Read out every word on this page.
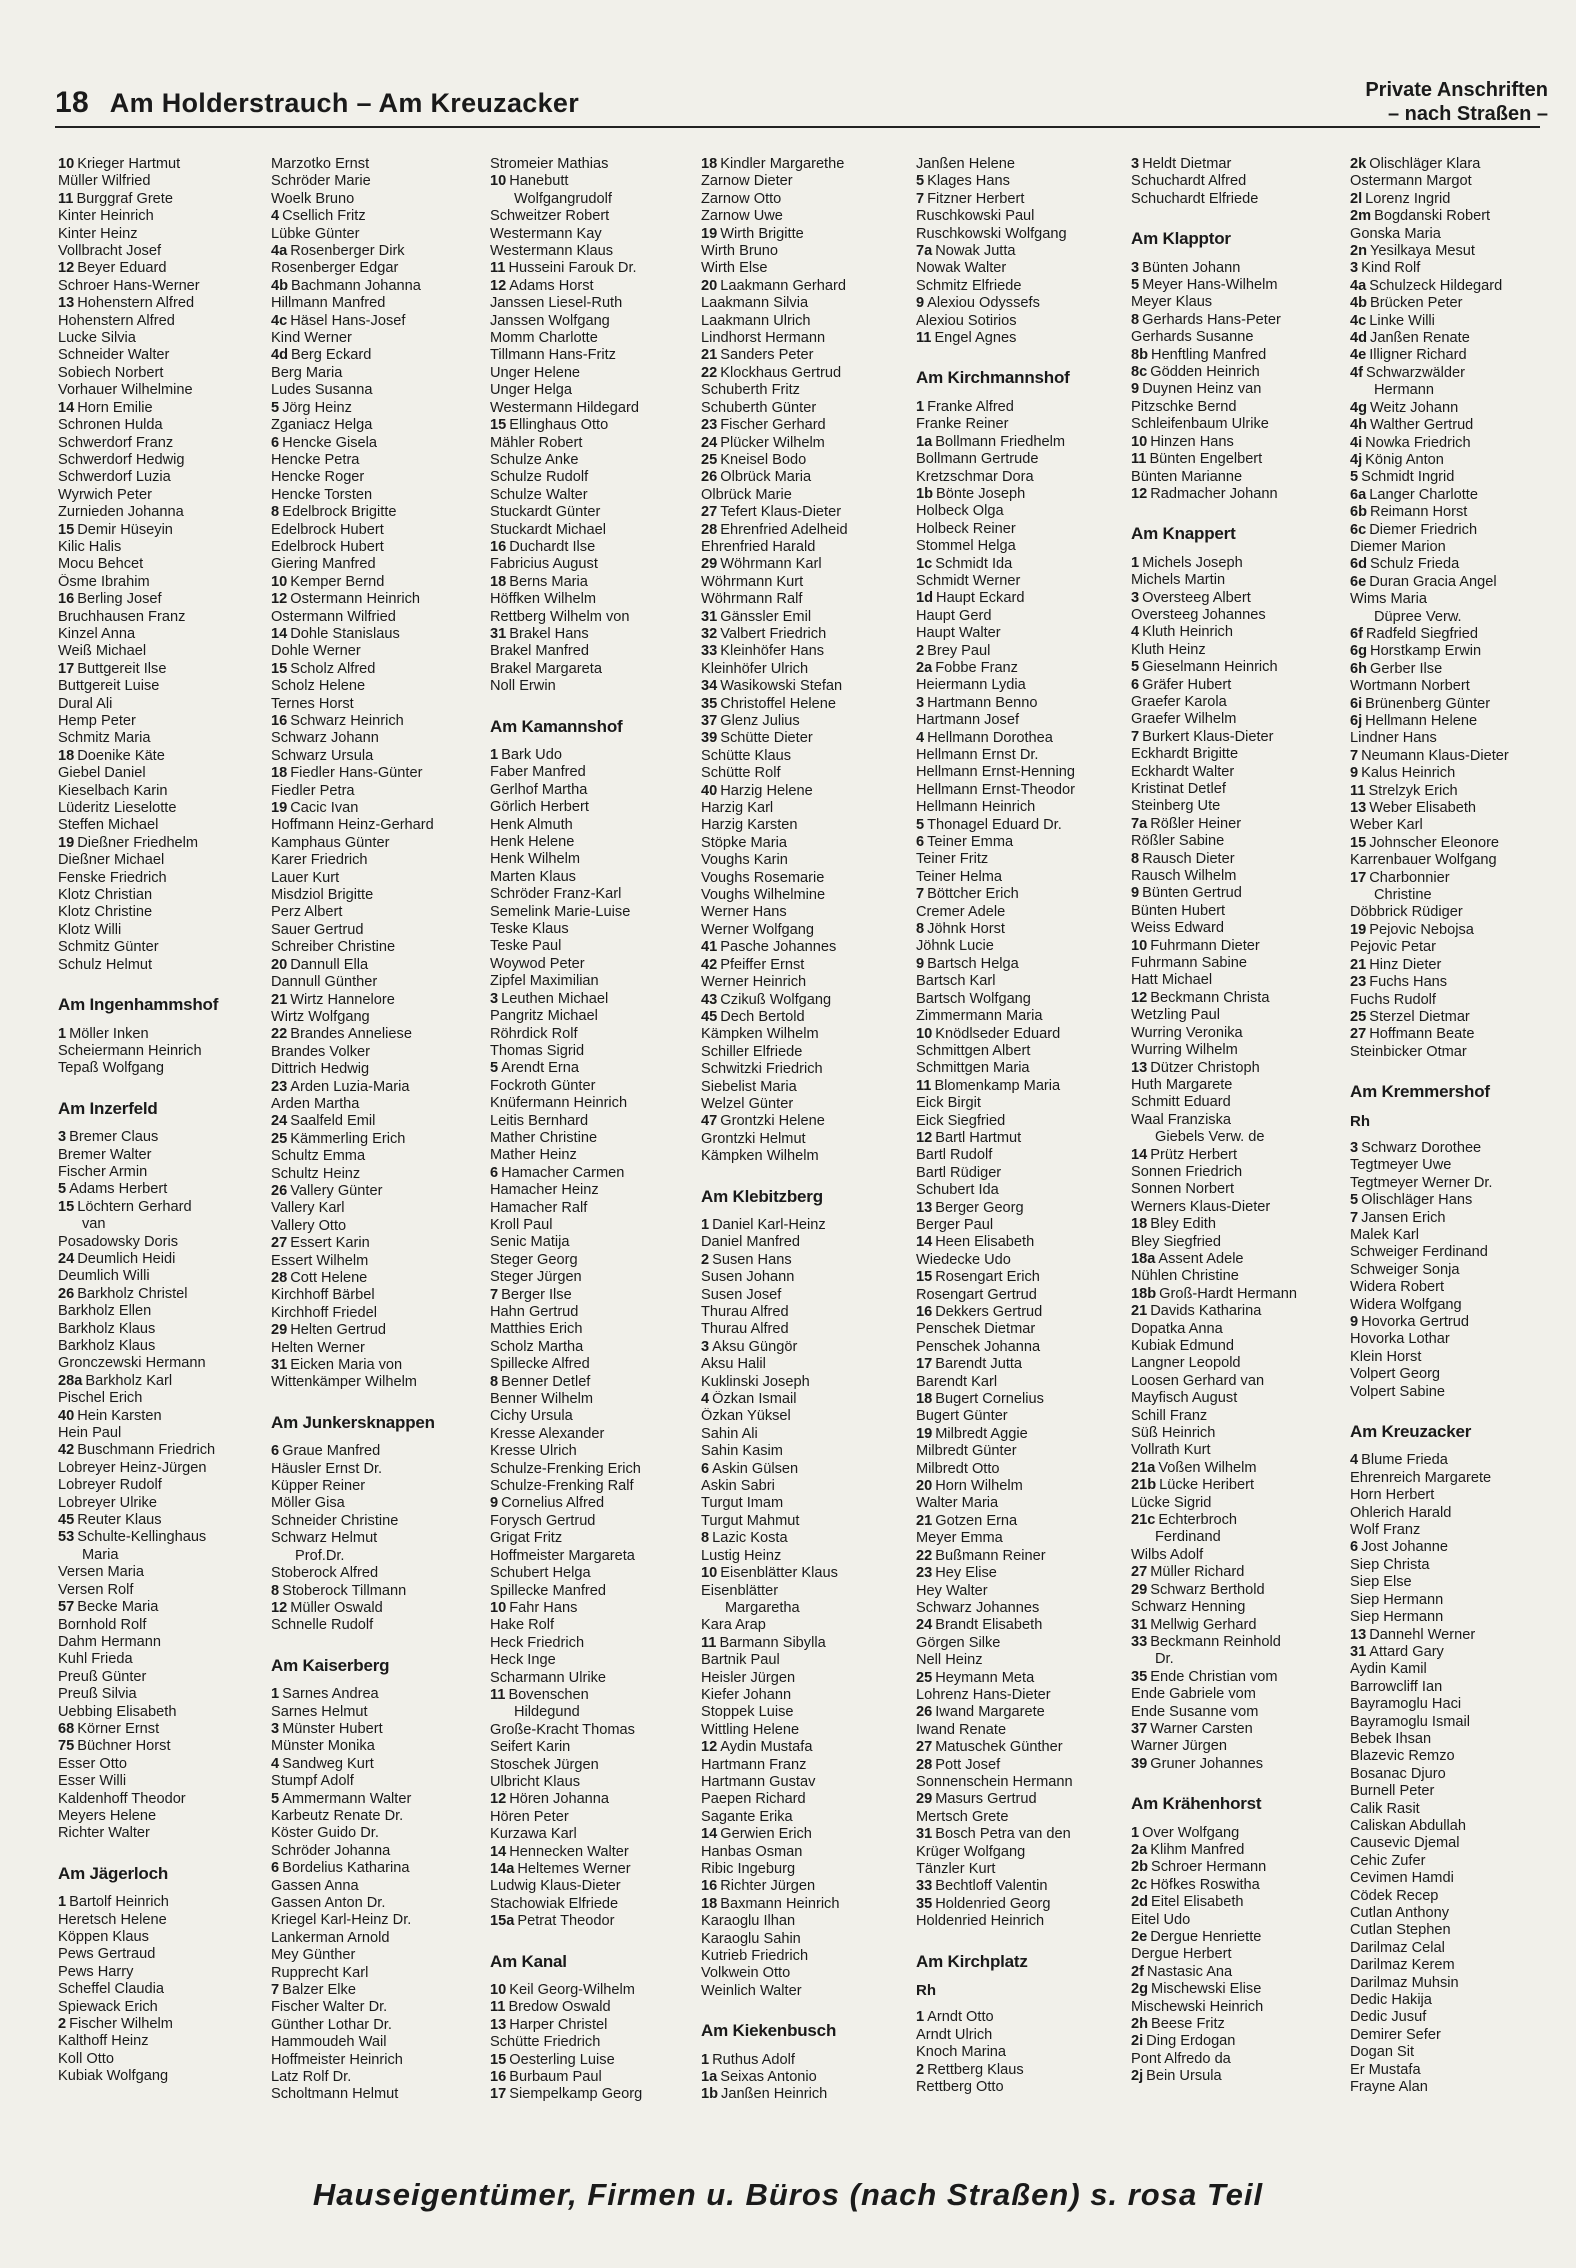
18 Am Holderstrauch – Am Kreuzacker	Private Anschriften
– nach Straßen –
10 Krieger Hartmut
Müller Wilfried
11 Burggraf Grete
Kinter Heinrich
Kinter Heinz
Vollbracht Josef
12 Beyer Eduard
Schroer Hans-Werner
13 Hohenstern Alfred
Hohenstern Alfred
Lucke Silvia
Schneider Walter
Sobiech Norbert
Vorhauer Wilhelmine
14 Horn Emilie
Schronen Hulda
Schwerdorf Franz
Schwerdorf Hedwig
Schwerdorf Luzia
Wyrwich Peter
Zurnieden Johanna
15 Demir Hüseyin
Kilic Halis
Mocu Behcet
Ösme Ibrahim
16 Berling Josef
Bruchhausen Franz
Kinzel Anna
Weiß Michael
17 Buttgereit Ilse
Buttgereit Luise
Dural Ali
Hemp Peter
Schmitz Maria
18 Doenike Käte
Giebel Daniel
Kieselbach Karin
Lüderitz Lieselotte
Steffen Michael
19 Dießner Friedhelm
Dießner Michael
Fenske Friedrich
Klotz Christian
Klotz Christine
Klotz Willi
Schmitz Günter
Schulz Helmut
Am Ingenhammshof
1 Möller Inken
Scheiermann Heinrich
Tepaß Wolfgang
Am Inzerfeld
3 Bremer Claus
Bremer Walter
Fischer Armin
5 Adams Herbert
15 Löchtern Gerhard
van
Posadowsky Doris
24 Deumlich Heidi
Deumlich Willi
26 Barkholz Christel
Barkholz Ellen
Barkholz Klaus
Barkholz Klaus
Gronczewski Hermann
28a Barkholz Karl
Pischel Erich
40 Hein Karsten
Hein Paul
42 Buschmann Friedrich
Lobreyer Heinz-Jürgen
Lobreyer Rudolf
Lobreyer Ulrike
45 Reuter Klaus
53 Schulte-Kellinghaus
Maria
Versen Maria
Versen Rolf
57 Becke Maria
Bornhold Rolf
Dahm Hermann
Kuhl Frieda
Preuß Günter
Preuß Silvia
Uebbing Elisabeth
68 Körner Ernst
75 Büchner Horst
Esser Otto
Esser Willi
Kaldenhoff Theodor
Meyers Helene
Richter Walter
Am Jägerloch
1 Bartolf Heinrich
Heretsch Helene
Köppen Klaus
Pews Gertraud
Pews Harry
Scheffel Claudia
Spiewack Erich
2 Fischer Wilhelm
Kalthoff Heinz
Koll Otto
Kubiak Wolfgang
Marzotko Ernst
Schröder Marie
Woelk Bruno
4 Csellich Fritz
Lübke Günter
4a Rosenberger Dirk
Rosenberger Edgar
4b Bachmann Johanna
Hillmann Manfred
4c Häsel Hans-Josef
Kind Werner
4d Berg Eckard
Berg Maria
Ludes Susanna
5 Jörg Heinz
Zganiacz Helga
6 Hencke Gisela
Hencke Petra
Hencke Roger
Hencke Torsten
8 Edelbrock Brigitte
Edelbrock Hubert
Edelbrock Hubert
Giering Manfred
10 Kemper Bernd
12 Ostermann Heinrich
Ostermann Wilfried
14 Dohle Stanislaus
Dohle Werner
15 Scholz Alfred
Scholz Helene
Ternes Horst
16 Schwarz Heinrich
Schwarz Johann
Schwarz Ursula
18 Fiedler Hans-Günter
Fiedler Petra
19 Cacic Ivan
Hoffmann Heinz-Gerhard
Kamphaus Günter
Karer Friedrich
Lauer Kurt
Misdziol Brigitte
Perz Albert
Sauer Gertrud
Schreiber Christine
20 Dannull Ella
Dannull Günther
21 Wirtz Hannelore
Wirtz Wolfgang
22 Brandes Anneliese
Brandes Volker
Dittrich Hedwig
23 Arden Luzia-Maria
Arden Martha
24 Saalfeld Emil
25 Kämmerling Erich
Schultz Emma
Schultz Heinz
26 Vallery Günter
Vallery Karl
Vallery Otto
27 Essert Karin
Essert Wilhelm
28 Cott Helene
Kirchhoff Bärbel
Kirchhoff Friedel
29 Helten Gertrud
Helten Werner
31 Eicken Maria von
Wittenkämper Wilhelm
Am Junkersknappen
6 Graue Manfred
Häusler Ernst Dr.
Küpper Reiner
Möller Gisa
Schneider Christine
Schwarz Helmut
Prof.Dr.
Stoberock Alfred
8 Stoberock Tillmann
12 Müller Oswald
Schnelle Rudolf
Am Kaiserberg
1 Sarnes Andrea
Sarnes Helmut
3 Münster Hubert
Münster Monika
4 Sandweg Kurt
Stumpf Adolf
5 Ammermann Walter
Karbeutz Renate Dr.
Köster Guido Dr.
Schröder Johanna
6 Bordelius Katharina
Gassen Anna
Gassen Anton Dr.
Kriegel Karl-Heinz Dr.
Lankerman Arnold
Mey Günther
Rupprecht Karl
7 Balzer Elke
Fischer Walter Dr.
Günther Lothar Dr.
Hammoudeh Wail
Hoffmeister Heinrich
Latz Rolf Dr.
Scholtmann Helmut
Stromeier Mathias
10 Hanebutt
Wolfgangrudolf
Schweitzer Robert
Westermann Kay
Westermann Klaus
11 Husseini Farouk Dr.
12 Adams Horst
Janssen Liesel-Ruth
Janssen Wolfgang
Momm Charlotte
Tillmann Hans-Fritz
Unger Helene
Unger Helga
Westermann Hildegard
15 Ellinghaus Otto
Mähler Robert
Schulze Anke
Schulze Rudolf
Schulze Walter
Stuckardt Günter
Stuckardt Michael
16 Duchardt Ilse
Fabricius August
18 Berns Maria
Höffken Wilhelm
Rettberg Wilhelm von
31 Brakel Hans
Brakel Manfred
Brakel Margareta
Noll Erwin
Am Kamannshof
1 Bark Udo
Faber Manfred
Gerlhof Martha
Görlich Herbert
Henk Almuth
Henk Helene
Henk Wilhelm
Marten Klaus
Schröder Franz-Karl
Semelink Marie-Luise
Teske Klaus
Teske Paul
Woywod Peter
Zipfel Maximilian
3 Leuthen Michael
Pangritz Michael
Röhrdick Rolf
Thomas Sigrid
5 Arendt Erna
Fockroth Günter
Knüfermann Heinrich
Leitis Bernhard
Mather Christine
Mather Heinz
6 Hamacher Carmen
Hamacher Heinz
Hamacher Ralf
Kroll Paul
Senic Matija
Steger Georg
Steger Jürgen
7 Berger Ilse
Hahn Gertrud
Matthies Erich
Scholz Martha
Spillecke Alfred
8 Benner Detlef
Benner Wilhelm
Cichy Ursula
Kresse Alexander
Kresse Ulrich
Schulze-Frenking Erich
Schulze-Frenking Ralf
9 Cornelius Alfred
Forysch Gertrud
Grigat Fritz
Hoffmeister Margareta
Schubert Helga
Spillecke Manfred
10 Fahr Hans
Hake Rolf
Heck Friedrich
Heck Inge
Scharmann Ulrike
11 Bovenschen
Hildegund
Große-Kracht Thomas
Seifert Karin
Stoschek Jürgen
Ulbricht Klaus
12 Hören Johanna
Hören Peter
Kurzawa Karl
14 Hennecken Walter
14a Heltemes Werner
Ludwig Klaus-Dieter
Stachowiak Elfriede
15a Petrat Theodor
Am Kanal
10 Keil Georg-Wilhelm
11 Bredow Oswald
13 Harper Christel
Schütte Friedrich
15 Oesterling Luise
16 Burbaum Paul
17 Siempelkamp Georg
18 Kindler Margarethe
Zarnow Dieter
Zarnow Otto
Zarnow Uwe
19 Wirth Brigitte
Wirth Bruno
Wirth Else
20 Laakmann Gerhard
Laakmann Silvia
Laakmann Ulrich
Lindhorst Hermann
21 Sanders Peter
22 Klockhaus Gertrud
Schuberth Fritz
Schuberth Günter
23 Fischer Gerhard
24 Plücker Wilhelm
25 Kneisel Bodo
26 Olbrück Maria
Olbrück Marie
27 Tefert Klaus-Dieter
28 Ehrenfried Adelheid
Ehrenfried Harald
29 Wöhrmann Karl
Wöhrmann Kurt
Wöhrmann Ralf
31 Gänssler Emil
32 Valbert Friedrich
33 Kleinhöfer Hans
Kleinhöfer Ulrich
34 Wasikowski Stefan
35 Christoffel Helene
37 Glenz Julius
39 Schütte Dieter
Schütte Klaus
Schütte Rolf
40 Harzig Helene
Harzig Karl
Harzig Karsten
Stöpke Maria
Voughs Karin
Voughs Rosemarie
Voughs Wilhelmine
Werner Hans
Werner Wolfgang
41 Pasche Johannes
42 Pfeiffer Ernst
Werner Heinrich
43 Czikuß Wolfgang
45 Dech Bertold
Kämpken Wilhelm
Schiller Elfriede
Schwitzki Friedrich
Siebelist Maria
Welzel Günter
47 Grontzki Helene
Grontzki Helmut
Kämpken Wilhelm
Am Klebitzberg
1 Daniel Karl-Heinz
Daniel Manfred
2 Susen Hans
Susen Johann
Susen Josef
Thurau Alfred
Thurau Alfred
3 Aksu Güngör
Aksu Halil
Kuklinski Joseph
4 Özkan Ismail
Özkan Yüksel
Sahin Ali
Sahin Kasim
6 Askin Gülsen
Askin Sabri
Turgut Imam
Turgut Mahmut
8 Lazic Kosta
Lustig Heinz
10 Eisenblätter Klaus
Eisenblätter
Margaretha
Kara Arap
11 Barmann Sibylla
Bartnik Paul
Heisler Jürgen
Kiefer Johann
Stoppek Luise
Wittling Helene
12 Aydin Mustafa
Hartmann Franz
Hartmann Gustav
Paepen Richard
Sagante Erika
14 Gerwien Erich
Hanbas Osman
Ribic Ingeburg
16 Richter Jürgen
18 Baxmann Heinrich
Karaoglu Ilhan
Karaoglu Sahin
Kutrieb Friedrich
Volkwein Otto
Weinlich Walter
Am Kiekenbusch
1 Ruthus Adolf
1a Seixas Antonio
1b Janßen Heinrich
Janßen Helene
5 Klages Hans
7 Fitzner Herbert
Ruschkowski Paul
Ruschkowski Wolfgang
7a Nowak Jutta
Nowak Walter
Schmitz Elfriede
9 Alexiou Odyssefs
Alexiou Sotirios
11 Engel Agnes
Am Kirchmannshof
1 Franke Alfred
Franke Reiner
1a Bollmann Friedhelm
Bollmann Gertrude
Kretzschmar Dora
1b Bönte Joseph
Holbeck Olga
Holbeck Reiner
Stommel Helga
1c Schmidt Ida
Schmidt Werner
1d Haupt Eckard
Haupt Gerd
Haupt Walter
2 Brey Paul
2a Fobbe Franz
Heiermann Lydia
3 Hartmann Benno
Hartmann Josef
4 Hellmann Dorothea
Hellmann Ernst Dr.
Hellmann Ernst-Henning
Hellmann Ernst-Theodor
Hellmann Heinrich
5 Thonagel Eduard Dr.
6 Teiner Emma
Teiner Fritz
Teiner Helma
7 Böttcher Erich
Cremer Adele
8 Jöhnk Horst
Jöhnk Lucie
9 Bartsch Helga
Bartsch Karl
Bartsch Wolfgang
Zimmermann Maria
10 Knödlseder Eduard
Schmittgen Albert
Schmittgen Maria
11 Blomenkamp Maria
Eick Birgit
Eick Siegfried
12 Bartl Hartmut
Bartl Rudolf
Bartl Rüdiger
Schubert Ida
13 Berger Georg
Berger Paul
14 Heen Elisabeth
Wiedecke Udo
15 Rosengart Erich
Rosengart Gertrud
16 Dekkers Gertrud
Penschek Dietmar
Penschek Johanna
17 Barendt Jutta
Barendt Karl
18 Bugert Cornelius
Bugert Günter
19 Milbredt Aggie
Milbredt Günter
Milbredt Otto
20 Horn Wilhelm
Walter Maria
21 Gotzen Erna
Meyer Emma
22 Bußmann Reiner
23 Hey Elise
Hey Walter
Schwarz Johannes
24 Brandt Elisabeth
Görgen Silke
Nell Heinz
25 Heymann Meta
Lohrenz Hans-Dieter
26 Iwand Margarete
Iwand Renate
27 Matuschek Günther
28 Pott Josef
Sonnenschein Hermann
29 Masurs Gertrud
Mertsch Grete
31 Bosch Petra van den
Krüger Wolfgang
Tänzler Kurt
33 Bechtloff Valentin
35 Holdenried Georg
Holdenried Heinrich
Am Kirchplatz
Rh
1 Arndt Otto
Arndt Ulrich
Knoch Marina
2 Rettberg Klaus
Rettberg Otto
3 Heldt Dietmar
Schuchardt Alfred
Schuchardt Elfriede
Am Klapptor
3 Bünten Johann
5 Meyer Hans-Wilhelm
Meyer Klaus
8 Gerhards Hans-Peter
Gerhards Susanne
8b Henftling Manfred
8c Gödden Heinrich
9 Duynen Heinz van
Pitzschke Bernd
Schleifenbaum Ulrike
10 Hinzen Hans
11 Bünten Engelbert
Bünten Marianne
12 Radmacher Johann
Am Knappert
1 Michels Joseph
Michels Martin
3 Oversteeg Albert
Oversteeg Johannes
4 Kluth Heinrich
Kluth Heinz
5 Gieselmann Heinrich
6 Gräfer Hubert
Graefer Karola
Graefer Wilhelm
7 Burkert Klaus-Dieter
Eckhardt Brigitte
Eckhardt Walter
Kristinat Detlef
Steinberg Ute
7a Rößler Heiner
Rößler Sabine
8 Rausch Dieter
Rausch Wilhelm
9 Bünten Gertrud
Bünten Hubert
Weiss Edward
10 Fuhrmann Dieter
Fuhrmann Sabine
Hatt Michael
12 Beckmann Christa
Wetzling Paul
Wurring Veronika
Wurring Wilhelm
13 Dützer Christoph
Huth Margarete
Schmitt Eduard
Waal Franziska
Giebels Verw. de
14 Prütz Herbert
Sonnen Friedrich
Sonnen Norbert
Werners Klaus-Dieter
18 Bley Edith
Bley Siegfried
18a Assent Adele
Nühlen Christine
18b Groß-Hardt Hermann
21 Davids Katharina
Dopatka Anna
Kubiak Edmund
Langner Leopold
Loosen Gerhard van
Mayfisch August
Schill Franz
Süß Heinrich
Vollrath Kurt
21a Voßen Wilhelm
21b Lücke Heribert
Lücke Sigrid
21c Echterbroch
Ferdinand
Wilbs Adolf
27 Müller Richard
29 Schwarz Berthold
Schwarz Henning
31 Mellwig Gerhard
33 Beckmann Reinhold
Dr.
35 Ende Christian vom
Ende Gabriele vom
Ende Susanne vom
37 Warner Carsten
Warner Jürgen
39 Gruner Johannes
Am Krähenhorst
1 Over Wolfgang
2a Klihm Manfred
2b Schroer Hermann
2c Höfkes Roswitha
2d Eitel Elisabeth
Eitel Udo
2e Dergue Henriette
Dergue Herbert
2f Nastasic Ana
2g Mischewski Elise
Mischewski Heinrich
2h Beese Fritz
2i Ding Erdogan
Pont Alfredo da
2j Bein Ursula
2k Olischläger Klara
Ostermann Margot
2l Lorenz Ingrid
2m Bogdanski Robert
Gonska Maria
2n Yesilkaya Mesut
3 Kind Rolf
4a Schulzeck Hildegard
4b Brücken Peter
4c Linke Willi
4d Janßen Renate
4e Illigner Richard
4f Schwarzwälder
Hermann
4g Weitz Johann
4h Walther Gertrud
4i Nowka Friedrich
4j König Anton
5 Schmidt Ingrid
6a Langer Charlotte
6b Reimann Horst
6c Diemer Friedrich
Diemer Marion
6d Schulz Frieda
6e Duran Gracia Angel
Wims Maria
Düpree Verw.
6f Radfeld Siegfried
6g Horstkamp Erwin
6h Gerber Ilse
Wortmann Norbert
6i Brünenberg Günter
6j Hellmann Helene
Lindner Hans
7 Neumann Klaus-Dieter
9 Kalus Heinrich
11 Strelzyk Erich
13 Weber Elisabeth
Weber Karl
15 Johnscher Eleonore
Karrenbauer Wolfgang
17 Charbonnier
Christine
Döbbrick Rüdiger
19 Pejovic Nebojsa
Pejovic Petar
21 Hinz Dieter
23 Fuchs Hans
Fuchs Rudolf
25 Sterzel Dietmar
27 Hoffmann Beate
Steinbicker Otmar
Am Kremmershof
Rh
3 Schwarz Dorothee
Tegtmeyer Uwe
Tegtmeyer Werner Dr.
5 Olischläger Hans
7 Jansen Erich
Malek Karl
Schweiger Ferdinand
Schweiger Sonja
Widera Robert
Widera Wolfgang
9 Hovorka Gertrud
Hovorka Lothar
Klein Horst
Volpert Georg
Volpert Sabine
Am Kreuzacker
4 Blume Frieda
Ehrenreich Margarete
Horn Herbert
Ohlerich Harald
Wolf Franz
6 Jost Johanne
Siep Christa
Siep Else
Siep Hermann
Siep Hermann
13 Dannehl Werner
31 Attard Gary
Aydin Kamil
Barrowcliff Ian
Bayramoglu Haci
Bayramoglu Ismail
Bebek Ihsan
Blazevic Remzo
Bosanac Djuro
Burnell Peter
Calik Rasit
Caliskan Abdullah
Causevic Djemal
Cehic Zufer
Cevimen Hamdi
Cödek Recep
Cutlan Anthony
Cutlan Stephen
Darilmaz Celal
Darilmaz Kerem
Darilmaz Muhsin
Dedic Hakija
Dedic Jusuf
Demirer Sefer
Dogan Sit
Er Mustafa
Frayne Alan
Hauseigentümer, Firmen u. Büros (nach Straßen) s. rosa Teil
